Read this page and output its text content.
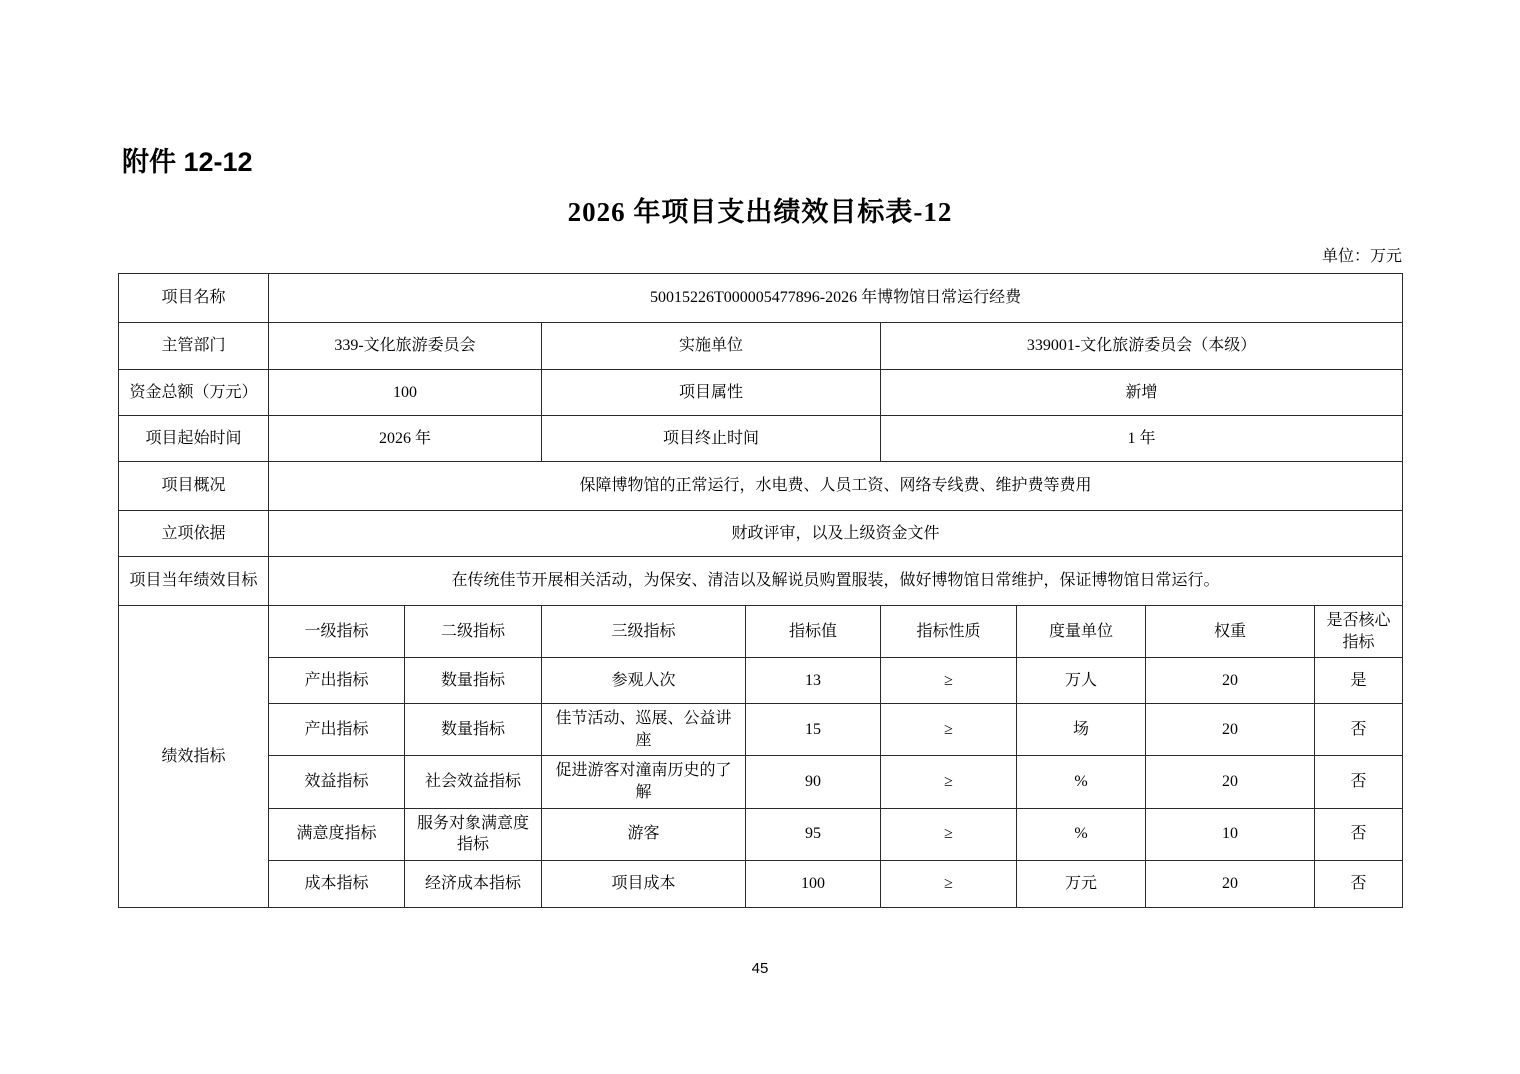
附件 12-12
2026 年项目支出绩效目标表-12
单位：万元
项目名称	50015226T000005477896-2026 年博物馆日常运行经费							
主管部门	339-文化旅游委员会		实施单位		339001-文化旅游委员会（本级）			
资金总额（万元）	100		项目属性		新增			
项目起始时间	2026 年		项目终止时间		1 年			
项目概况	保障博物馆的正常运行，水电费、人员工资、网络专线费、维护费等费用							
立项依据	财政评审，以及上级资金文件							
项目当年绩效目标	在传统佳节开展相关活动，为保安、清洁以及解说员购置服装，做好博物馆日常维护，保证博物馆日常运行。							
绩效指标	一级指标	二级指标	三级指标	指标值	指标性质	度量单位	权重	是否核心指标
	产出指标	数量指标	参观人次	13	≥	万人	20	是
	产出指标	数量指标	佳节活动、巡展、公益讲座	15	≥	场	20	否
	效益指标	社会效益指标	促进游客对潼南历史的了解	90	≥	%	20	否
	满意度指标	服务对象满意度指标	游客	95	≥	%	10	否
	成本指标	经济成本指标	项目成本	100	≥	万元	20	否
45
